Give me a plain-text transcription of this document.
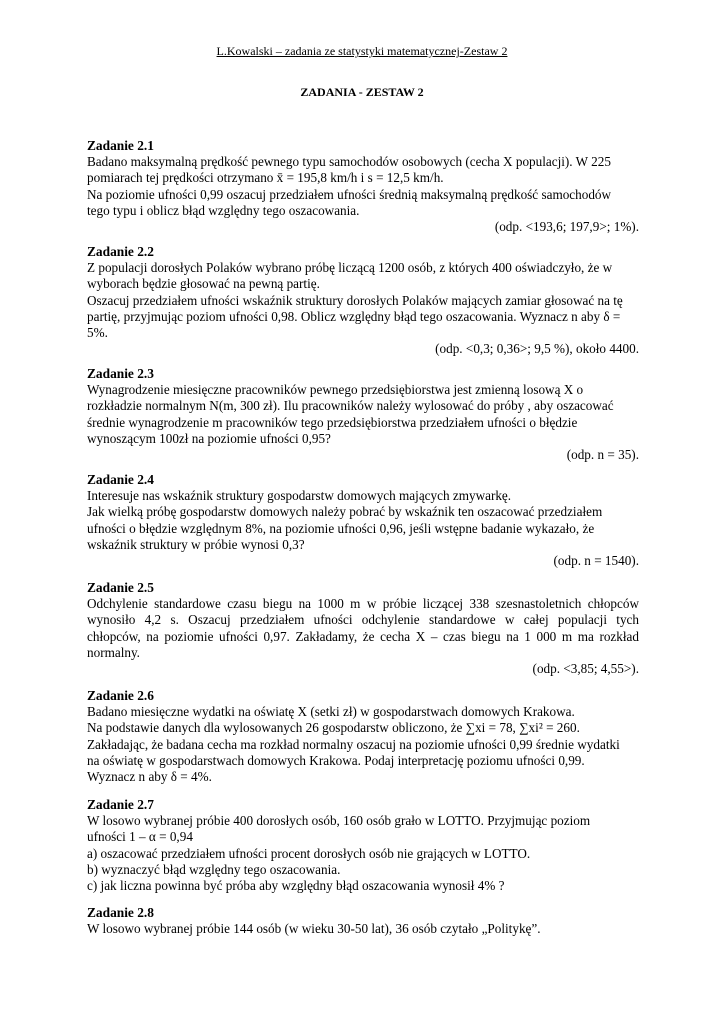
L.Kowalski – zadania ze statystyki matematycznej-Zestaw 2
ZADANIA - ZESTAW 2
Zadanie 2.1
Badano maksymalną prędkość pewnego typu samochodów osobowych (cecha X populacji). W 225
pomiarach tej prędkości otrzymano x̄ = 195,8 km/h i s = 12,5 km/h.
Na poziomie ufności 0,99 oszacuj przedziałem ufności średnią maksymalną prędkość samochodów
tego typu i oblicz błąd względny tego oszacowania.
(odp. <193,6; 197,9>; 1%).
Zadanie 2.2
Z populacji dorosłych Polaków wybrano próbę liczącą 1200 osób, z których 400 oświadczyło, że w
wyborach będzie głosować na pewną partię.
Oszacuj przedziałem ufności wskaźnik struktury dorosłych Polaków mających zamiar głosować na tę
partię, przyjmując poziom ufności 0,98. Oblicz względny błąd tego oszacowania. Wyznacz n aby δ =
5%.
(odp. <0,3; 0,36>; 9,5 %), około 4400.
Zadanie 2.3
Wynagrodzenie miesięczne pracowników pewnego przedsiębiorstwa jest zmienną losową X o
rozkładzie normalnym N(m, 300 zł). Ilu pracowników należy wylosować do próby , aby oszacować
średnie wynagrodzenie m pracowników tego przedsiębiorstwa przedziałem ufności o błędzie
wynoszącym 100zł na poziomie ufności 0,95?
(odp. n = 35).
Zadanie 2.4
Interesuje nas wskaźnik struktury gospodarstw domowych mających zmywarkę.
Jak wielką próbę gospodarstw domowych należy pobrać by wskaźnik ten oszacować przedziałem
ufności o błędzie względnym 8%, na poziomie ufności 0,96, jeśli wstępne badanie wykazało, że
wskaźnik struktury w próbie wynosi 0,3?
(odp. n = 1540).
Zadanie 2.5
Odchylenie standardowe czasu biegu na 1000 m w próbie liczącej 338 szesnastoletnich chłopców
wynosiło 4,2 s. Oszacuj przedziałem ufności odchylenie standardowe w całej populacji tych
chłopców, na poziomie ufności 0,97. Zakładamy, że cecha X – czas biegu na 1 000 m ma rozkład
normalny.
(odp. <3,85; 4,55>).
Zadanie 2.6
Badano miesięczne wydatki na oświatę X (setki zł) w gospodarstwach domowych Krakowa.
Na podstawie danych dla wylosowanych 26 gospodarstw obliczono, że ∑xi = 78, ∑xi² = 260.
Zakładając, że badana cecha ma rozkład normalny oszacuj na poziomie ufności 0,99 średnie wydatki
na oświatę w gospodarstwach domowych Krakowa. Podaj interpretację poziomu ufności 0,99.
Wyznacz n aby δ = 4%.
Zadanie 2.7
W losowo wybranej próbie 400 dorosłych osób, 160 osób grało w LOTTO. Przyjmując poziom
ufności 1 – α = 0,94
a) oszacować przedziałem ufności procent dorosłych osób nie grających w LOTTO.
b) wyznaczyć błąd względny tego oszacowania.
c) jak liczna powinna być próba aby względny błąd oszacowania wynosił 4% ?
Zadanie 2.8
W losowo wybranej próbie 144 osób (w wieku 30-50 lat), 36 osób czytało „Politykę”.
